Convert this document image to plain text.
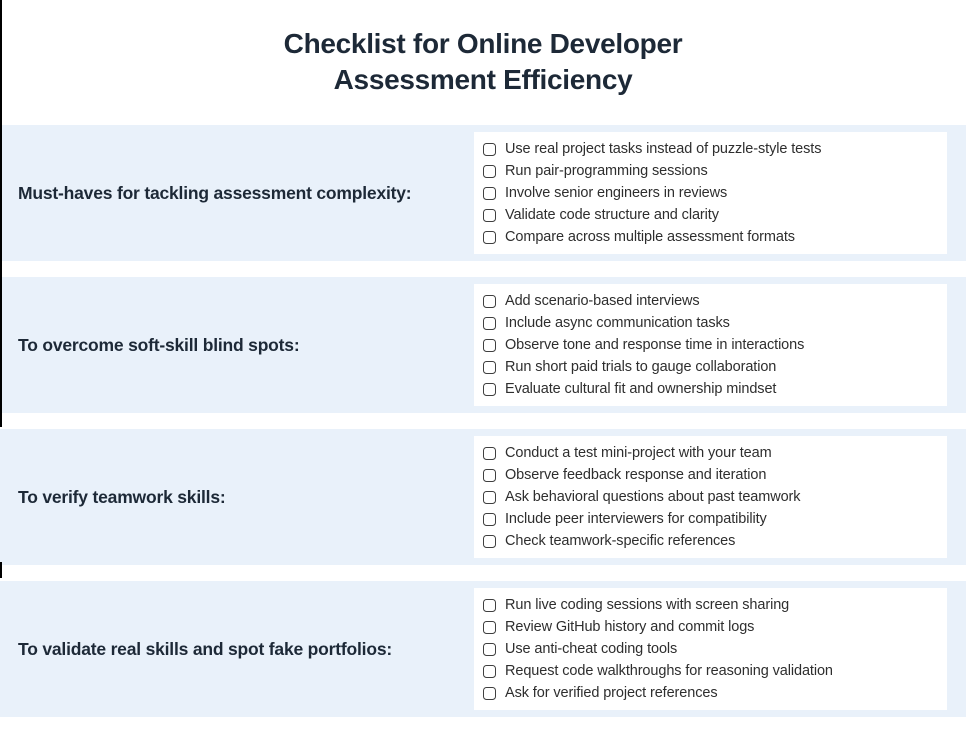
Checklist for Online Developer
Assessment Efficiency
Must-haves for tackling assessment complexity:
Use real project tasks instead of puzzle-style tests
Run pair-programming sessions
Involve senior engineers in reviews
Validate code structure and clarity
Compare across multiple assessment formats
To overcome soft-skill blind spots:
Add scenario-based interviews
Include async communication tasks
Observe tone and response time in interactions
Run short paid trials to gauge collaboration
Evaluate cultural fit and ownership mindset
To verify teamwork skills:
Conduct a test mini-project with your team
Observe feedback response and iteration
Ask behavioral questions about past teamwork
Include peer interviewers for compatibility
Check teamwork-specific references
To validate real skills and spot fake portfolios:
Run live coding sessions with screen sharing
Review GitHub history and commit logs
Use anti-cheat coding tools
Request code walkthroughs for reasoning validation
Ask for verified project references
